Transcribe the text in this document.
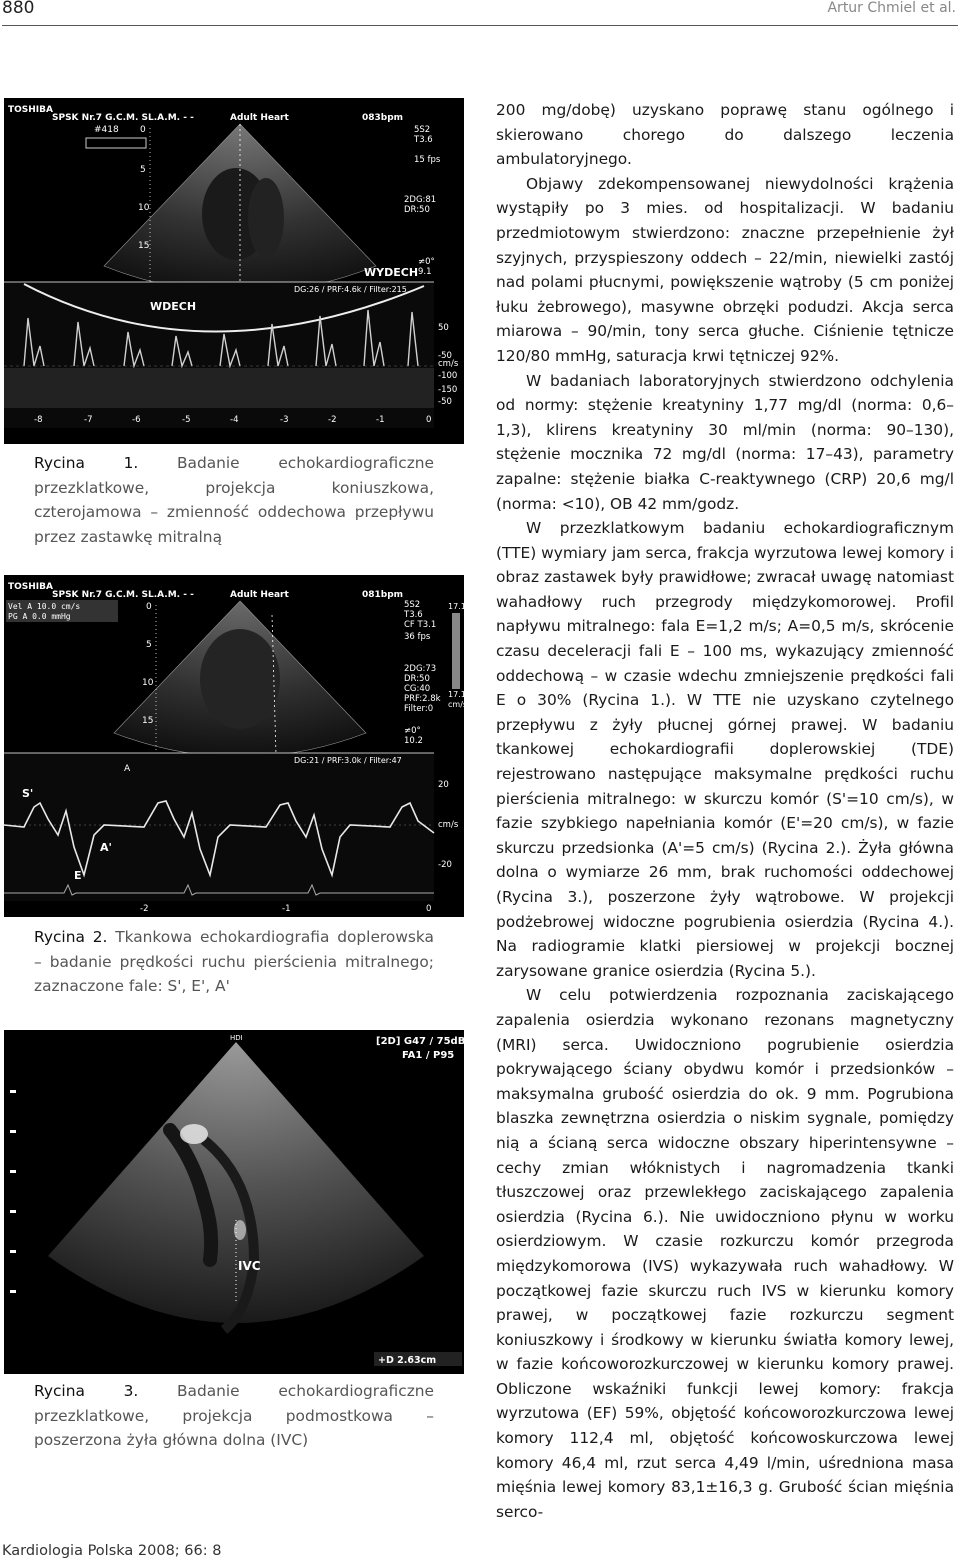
880	Artur Chmiel et al.
TOSHIBA
SPSK Nr.7 G.C.M. SL.A.M. - -	Adult Heart	083bpm
#418 0
5
10
15
5S2
T3.6
15 fps
2DG:81
DR:50
≠0°
9.1
WYDECH
DG:26 / PRF:4.6k / Filter:215
WDECH
50
-50
-100
-150
cm/s
-50
-8	-7	-6	-5	-4	-3	-2	-1	0
Rycina 1. Badanie echokardiograficzne przezklatkowe, projekcja koniuszkowa, czterojamowa – zmienność oddechowa przepływu przez zastawkę mitralną
TOSHIBA
SPSK Nr.7 G.C.M. SL.A.M. - -	Adult Heart	081bpm
Vel A 10.0 cm/s
PG A 0.0 mmHg
0
5
10
15
5S2
T3.6
CF T3.1
36 fps
2DG:73
DR:50
CG:40
PRF:2.8k
Filter:0
17.1
17.1
cm/s
≠0°
10.2
DG:21 / PRF:3.0k / Filter:47
S'
A
A'
E
20
cm/s
-20
-2	-1	0
Rycina 2. Tkankowa echokardiografia doplerowska – badanie prędkości ruchu pierścienia mitralnego; zaznaczone fale: S', E', A'
HDI	[2D] G47 / 75dB
FA1 / P95
IVC
+D 2.63cm
Rycina 3. Badanie echokardiograficzne przezklatkowe, projekcja podmostkowa – poszerzona żyła główna dolna (IVC)

200 mg/dobę) uzyskano poprawę stanu ogólnego i skierowano chorego do dalszego leczenia ambulatoryjnego.

Objawy zdekompensowanej niewydolności krążenia wystąpiły po 3 mies. od hospitalizacji. W badaniu przedmiotowym stwierdzono: znaczne przepełnienie żył szyjnych, przyspieszony oddech – 22/min, niewielki zastój nad polami płucnymi, powiększenie wątroby (5 cm poniżej łuku żebrowego), masywne obrzęki podudzi. Akcja serca miarowa – 90/min, tony serca głuche. Ciśnienie tętnicze 120/80 mmHg, saturacja krwi tętniczej 92%.

W badaniach laboratoryjnych stwierdzono odchylenia od normy: stężenie kreatyniny 1,77 mg/dl (norma: 0,6–1,3), klirens kreatyniny 30 ml/min (norma: 90–130), stężenie mocznika 72 mg/dl (norma: 17–43), parametry zapalne: stężenie białka C-reaktywnego (CRP) 20,6 mg/l (norma: <10), OB 42 mm/godz.

W przezklatkowym badaniu echokardiograficznym (TTE) wymiary jam serca, frakcja wyrzutowa lewej komory i obraz zastawek były prawidłowe; zwracał uwagę natomiast wahadłowy ruch przegrody międzykomorowej. Profil napływu mitralnego: fala E=1,2 m/s; A=0,5 m/s, skrócenie czasu deceleracji fali E – 100 ms, wykazujący zmienność oddechową – w czasie wdechu zmniejszenie prędkości fali E o 30% (Rycina 1.). W TTE nie uzyskano czytelnego przepływu z żyły płucnej górnej prawej. W badaniu tkankowej echokardiografii doplerowskiej (TDE) rejestrowano następujące maksymalne prędkości ruchu pierścienia mitralnego: w skurczu komór (S'=10 cm/s), w fazie szybkiego napełniania komór (E'=20 cm/s), w fazie skurczu przedsionka (A'=5 cm/s) (Rycina 2.). Żyła główna dolna o wymiarze 26 mm, brak ruchomości oddechowej (Rycina 3.), poszerzone żyły wątrobowe. W projekcji podżebrowej widoczne pogrubienia osierdzia (Rycina 4.). Na radiogramie klatki piersiowej w projekcji bocznej zarysowane granice osierdzia (Rycina 5.).

W celu potwierdzenia rozpoznania zaciskającego zapalenia osierdzia wykonano rezonans magnetyczny (MRI) serca. Uwidoczniono pogrubienie osierdzia pokrywającego ściany obydwu komór i przedsionków – maksymalna grubość osierdzia do ok. 9 mm. Pogrubiona blaszka zewnętrzna osierdzia o niskim sygnale, pomiędzy nią a ścianą serca widoczne obszary hiperintensywne – cechy zmian włóknistych i nagromadzenia tkanki tłuszczowej oraz przewlekłego zaciskającego zapalenia osierdzia (Rycina 6.). Nie uwidoczniono płynu w worku osierdziowym. W czasie rozkurczu komór przegroda międzykomorowa (IVS) wykazywała ruch wahadłowy. W początkowej fazie skurczu ruch IVS w kierunku komory prawej, w początkowej fazie rozkurczu segment koniuszkowy i środkowy w kierunku światła komory lewej, w fazie końcoworozkurczowej w kierunku komory prawej. Obliczone wskaźniki funkcji lewej komory: frakcja wyrzutowa (EF) 59%, objętość końcoworozkurczowa lewej komory 112,4 ml, objętość końcowoskurczowa lewej komory 46,4 ml, rzut serca 4,49 l/min, uśredniona masa mięśnia lewej komory 83,1±16,3 g. Grubość ścian mięśnia serco-

Kardiologia Polska 2008; 66: 8
